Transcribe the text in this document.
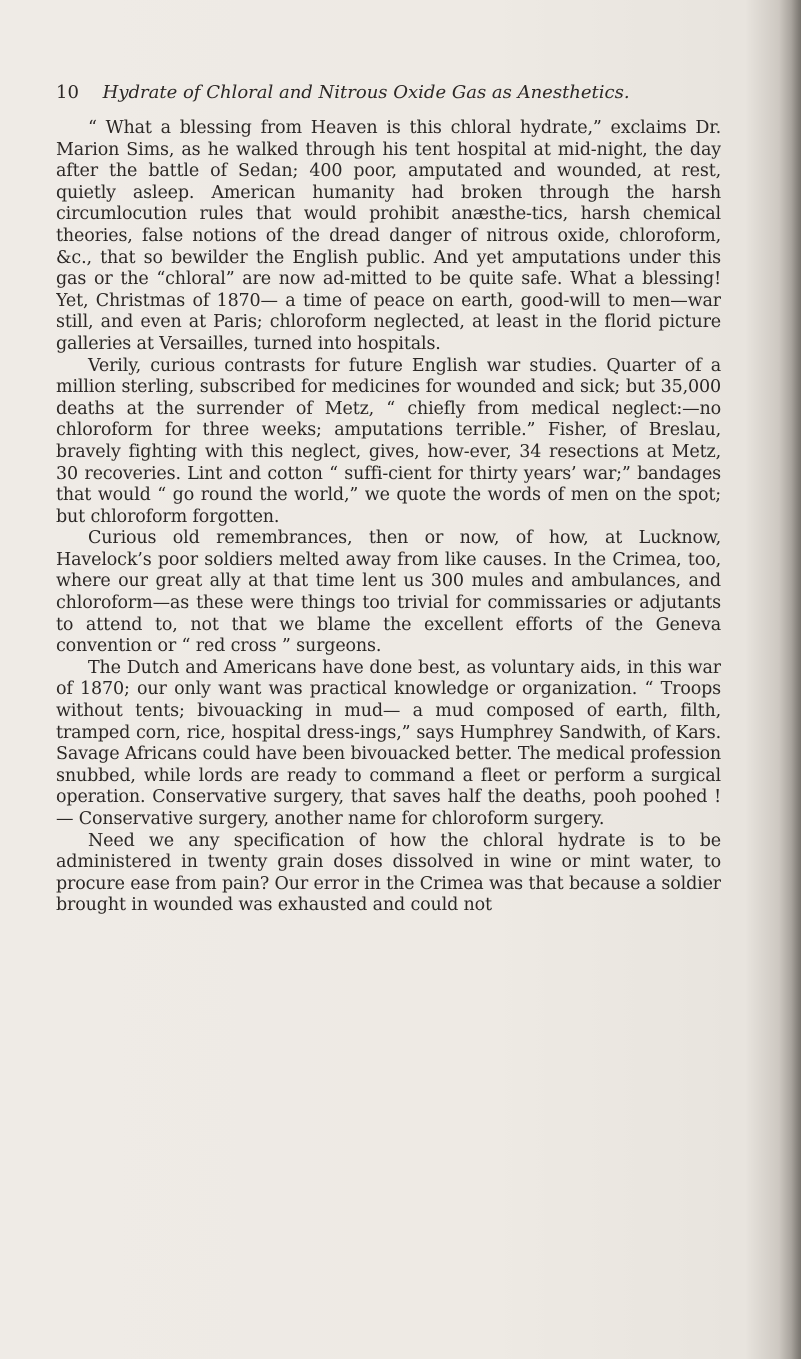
10 Hydrate of Chloral and Nitrous Oxide Gas as Anesthetics.

“ What a blessing from Heaven is this chloral hydrate,” exclaims Dr. Marion Sims, as he walked through his tent hospital at mid-night, the day after the battle of Sedan; 400 poor, amputated and wounded, at rest, quietly asleep. American humanity had broken through the harsh circumlocution rules that would prohibit anæsthe-tics, harsh chemical theories, false notions of the dread danger of nitrous oxide, chloroform, &c., that so bewilder the English public. And yet amputations under this gas or the “chloral” are now ad-mitted to be quite safe. What a blessing! Yet, Christmas of 1870— a time of peace on earth, good-will to men—war still, and even at Paris; chloroform neglected, at least in the florid picture galleries at Versailles, turned into hospitals.

Verily, curious contrasts for future English war studies. Quarter of a million sterling, subscribed for medicines for wounded and sick; but 35,000 deaths at the surrender of Metz, “ chiefly from medical neglect:—no chloroform for three weeks; amputations terrible.” Fisher, of Breslau, bravely fighting with this neglect, gives, how-ever, 34 resections at Metz, 30 recoveries. Lint and cotton “ suffi-cient for thirty years’ war;” bandages that would “ go round the world,” we quote the words of men on the spot; but chloroform forgotten.

Curious old remembrances, then or now, of how, at Lucknow, Havelock’s poor soldiers melted away from like causes. In the Crimea, too, where our great ally at that time lent us 300 mules and ambulances, and chloroform—as these were things too trivial for commissaries or adjutants to attend to, not that we blame the excellent efforts of the Geneva convention or “ red cross ” surgeons.

The Dutch and Americans have done best, as voluntary aids, in this war of 1870; our only want was practical knowledge or organization. “ Troops without tents; bivouacking in mud— a mud composed of earth, filth, tramped corn, rice, hospital dress-ings,” says Humphrey Sandwith, of Kars. Savage Africans could have been bivouacked better. The medical profession snubbed, while lords are ready to command a fleet or perform a surgical operation. Conservative surgery, that saves half the deaths, pooh poohed ! — Conservative surgery, another name for chloroform surgery.

Need we any specification of how the chloral hydrate is to be administered in twenty grain doses dissolved in wine or mint water, to procure ease from pain? Our error in the Crimea was that because a soldier brought in wounded was exhausted and could not
